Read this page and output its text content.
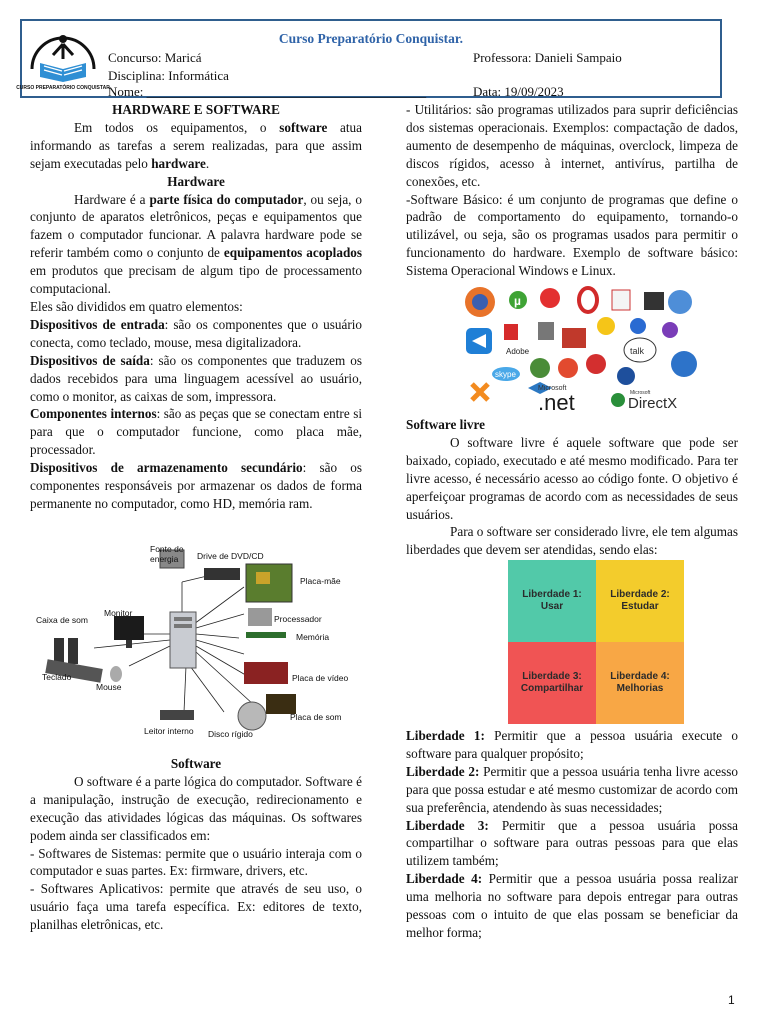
CURSO PREPARATÓRIO CONQUISTAR
Curso Preparatório Conquistar.
Concurso: Maricá	Professora: Danieli Sampaio
Disciplina: Informática
Nome: ___________________________________________	Data: 19/09/2023

HARDWARE E SOFTWARE

Em todos os equipamentos, o software atua informando as tarefas a serem realizadas, para que assim sejam executadas pelo hardware.

Hardware

Hardware é a parte física do computador, ou seja, o conjunto de aparatos eletrônicos, peças e equipamentos que fazem o computador funcionar. A palavra hardware pode se referir também como o conjunto de equipamentos acoplados em produtos que precisam de algum tipo de processamento computacional.

Eles são divididos em quatro elementos:

Dispositivos de entrada: são os componentes que o usuário conecta, como teclado, mouse, mesa digitalizadora.

Dispositivos de saída: são os componentes que traduzem os dados recebidos para uma linguagem acessível ao usuário, como o monitor, as caixas de som, impressora.

Componentes internos: são as peças que se conectam entre si para que o computador funcione, como placa mãe, processador.

Dispositivos de armazenamento secundário: são os componentes responsáveis por armazenar os dados de forma permanente no computador, como HD, memória ram.

Fonte de
energia Drive de DVD/CD
Placa-mãe
Monitor
Caixa de som	Processador
Memória
Teclado	Placa de vídeo
Mouse
Placa de som
Leitor interno Disco rígido

Software

O software é a parte lógica do computador. Software é a manipulação, instrução de execução, redirecionamento e execução das atividades lógicas das máquinas. Os softwares podem ainda ser classificados em:

- Softwares de Sistemas: permite que o usuário interaja com o computador e suas partes. Ex: firmware, drivers, etc.

- Softwares Aplicativos: permite que através de seu uso, o usuário faça uma tarefa específica. Ex: editores de texto, planilhas eletrônicas, etc.

- Utilitários: são programas utilizados para suprir deficiências dos sistemas operacionais. Exemplos: compactação de dados, aumento de desempenho de máquinas, overclock, limpeza de discos rígidos, acesso à internet, antivírus, partilha de conexões, etc.

-Software Básico: é um conjunto de programas que define o padrão de comportamento do equipamento, tornando-o utilizável, ou seja, são os programas usados para permitir o funcionamento do hardware. Exemplo de software básico: Sistema Operacional Windows e Linux.

µ
Adobe	talk
skype
Microsoft
.net	Microsoft
DirectX

Software livre

O software livre é aquele software que pode ser baixado, copiado, executado e até mesmo modificado. Para ter livre acesso, é necessário acesso ao código fonte. O objetivo é aperfeiçoar programas de acordo com as necessidades de seus usuários.

Para o software ser considerado livre, ele tem algumas liberdades que devem ser atendidas, sendo elas:

Liberdade 1:
Usar
Liberdade 2:
Estudar
Liberdade 3:
Compartilhar
Liberdade 4:
Melhorias

Liberdade 1: Permitir que a pessoa usuária execute o software para qualquer propósito;

Liberdade 2: Permitir que a pessoa usuária tenha livre acesso para que possa estudar e até mesmo customizar de acordo com sua preferência, atendendo às suas necessidades;

Liberdade 3: Permitir que a pessoa usuária possa compartilhar o software para outras pessoas para que elas utilizem também;

Liberdade 4: Permitir que a pessoa usuária possa realizar uma melhoria no software para depois entregar para outras pessoas com o intuito de que elas possam se beneficiar da melhor forma;

1
